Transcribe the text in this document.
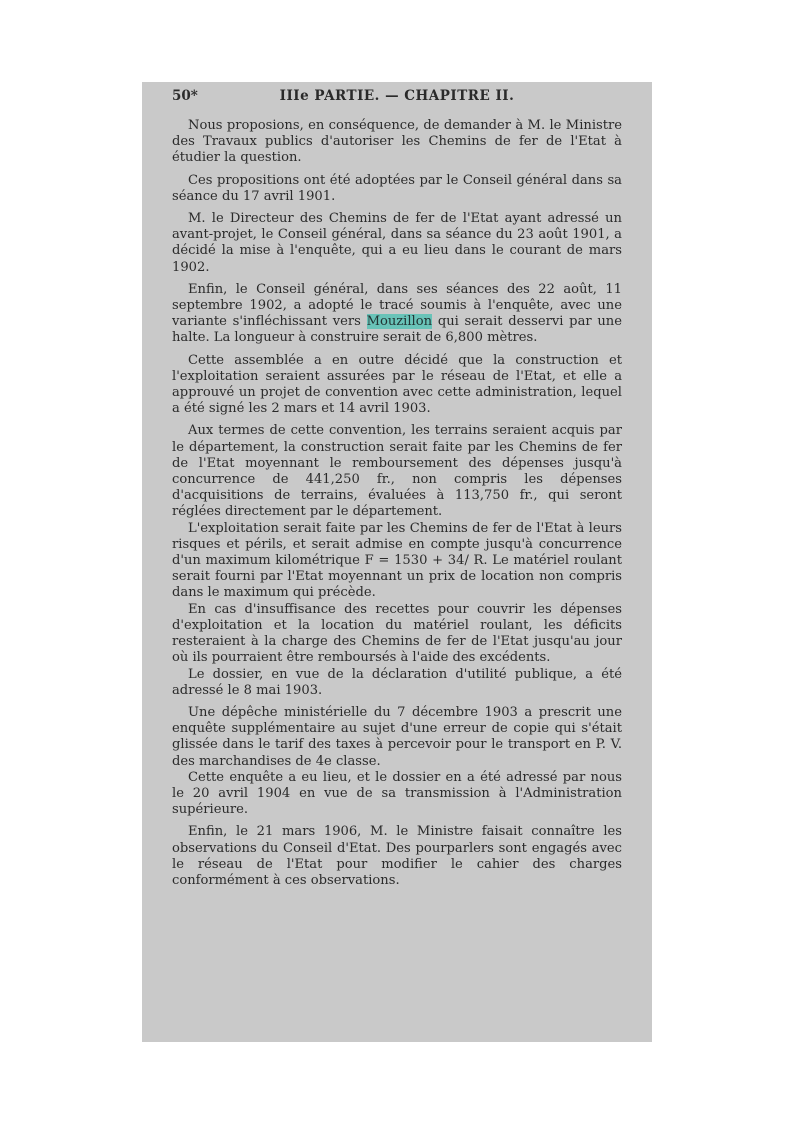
50*	IIIe PARTIE. — CHAPITRE II.

Nous proposions, en conséquence, de demander à M. le Ministre des Travaux publics d'autoriser les Chemins de fer de l'Etat à étudier la question.

Ces propositions ont été adoptées par le Conseil général dans sa séance du 17 avril 1901.

M. le Directeur des Chemins de fer de l'Etat ayant adressé un avant-projet, le Conseil général, dans sa séance du 23 août 1901, a décidé la mise à l'enquête, qui a eu lieu dans le courant de mars 1902.

Enfin, le Conseil général, dans ses séances des 22 août, 11 septembre 1902, a adopté le tracé soumis à l'enquête, avec une variante s'infléchissant vers Mouzillon qui serait desservi par une halte. La longueur à construire serait de 6,800 mètres.

Cette assemblée a en outre décidé que la construction et l'exploitation seraient assurées par le réseau de l'Etat, et elle a approuvé un projet de convention avec cette administration, lequel a été signé les 2 mars et 14 avril 1903.

Aux termes de cette convention, les terrains seraient acquis par le département, la construction serait faite par les Chemins de fer de l'Etat moyennant le remboursement des dépenses jusqu'à concurrence de 441,250 fr., non compris les dépenses d'acquisitions de terrains, évaluées à 113,750 fr., qui seront réglées directement par le département.

L'exploitation serait faite par les Chemins de fer de l'Etat à leurs risques et périls, et serait admise en compte jusqu'à concurrence d'un maximum kilométrique F = 1530 + 34/ R. Le matériel roulant serait fourni par l'Etat moyennant un prix de location non compris dans le maximum qui précède.

En cas d'insuffisance des recettes pour couvrir les dépenses d'exploitation et la location du matériel roulant, les déficits resteraient à la charge des Chemins de fer de l'Etat jusqu'au jour où ils pourraient être remboursés à l'aide des excédents.

Le dossier, en vue de la déclaration d'utilité publique, a été adressé le 8 mai 1903.

Une dépêche ministérielle du 7 décembre 1903 a prescrit une enquête supplémentaire au sujet d'une erreur de copie qui s'était glissée dans le tarif des taxes à percevoir pour le transport en P. V. des marchandises de 4e classe.

Cette enquête a eu lieu, et le dossier en a été adressé par nous le 20 avril 1904 en vue de sa transmission à l'Administration supérieure.

Enfin, le 21 mars 1906, M. le Ministre faisait connaître les observations du Conseil d'Etat. Des pourparlers sont engagés avec le réseau de l'Etat pour modifier le cahier des charges conformément à ces observations.
